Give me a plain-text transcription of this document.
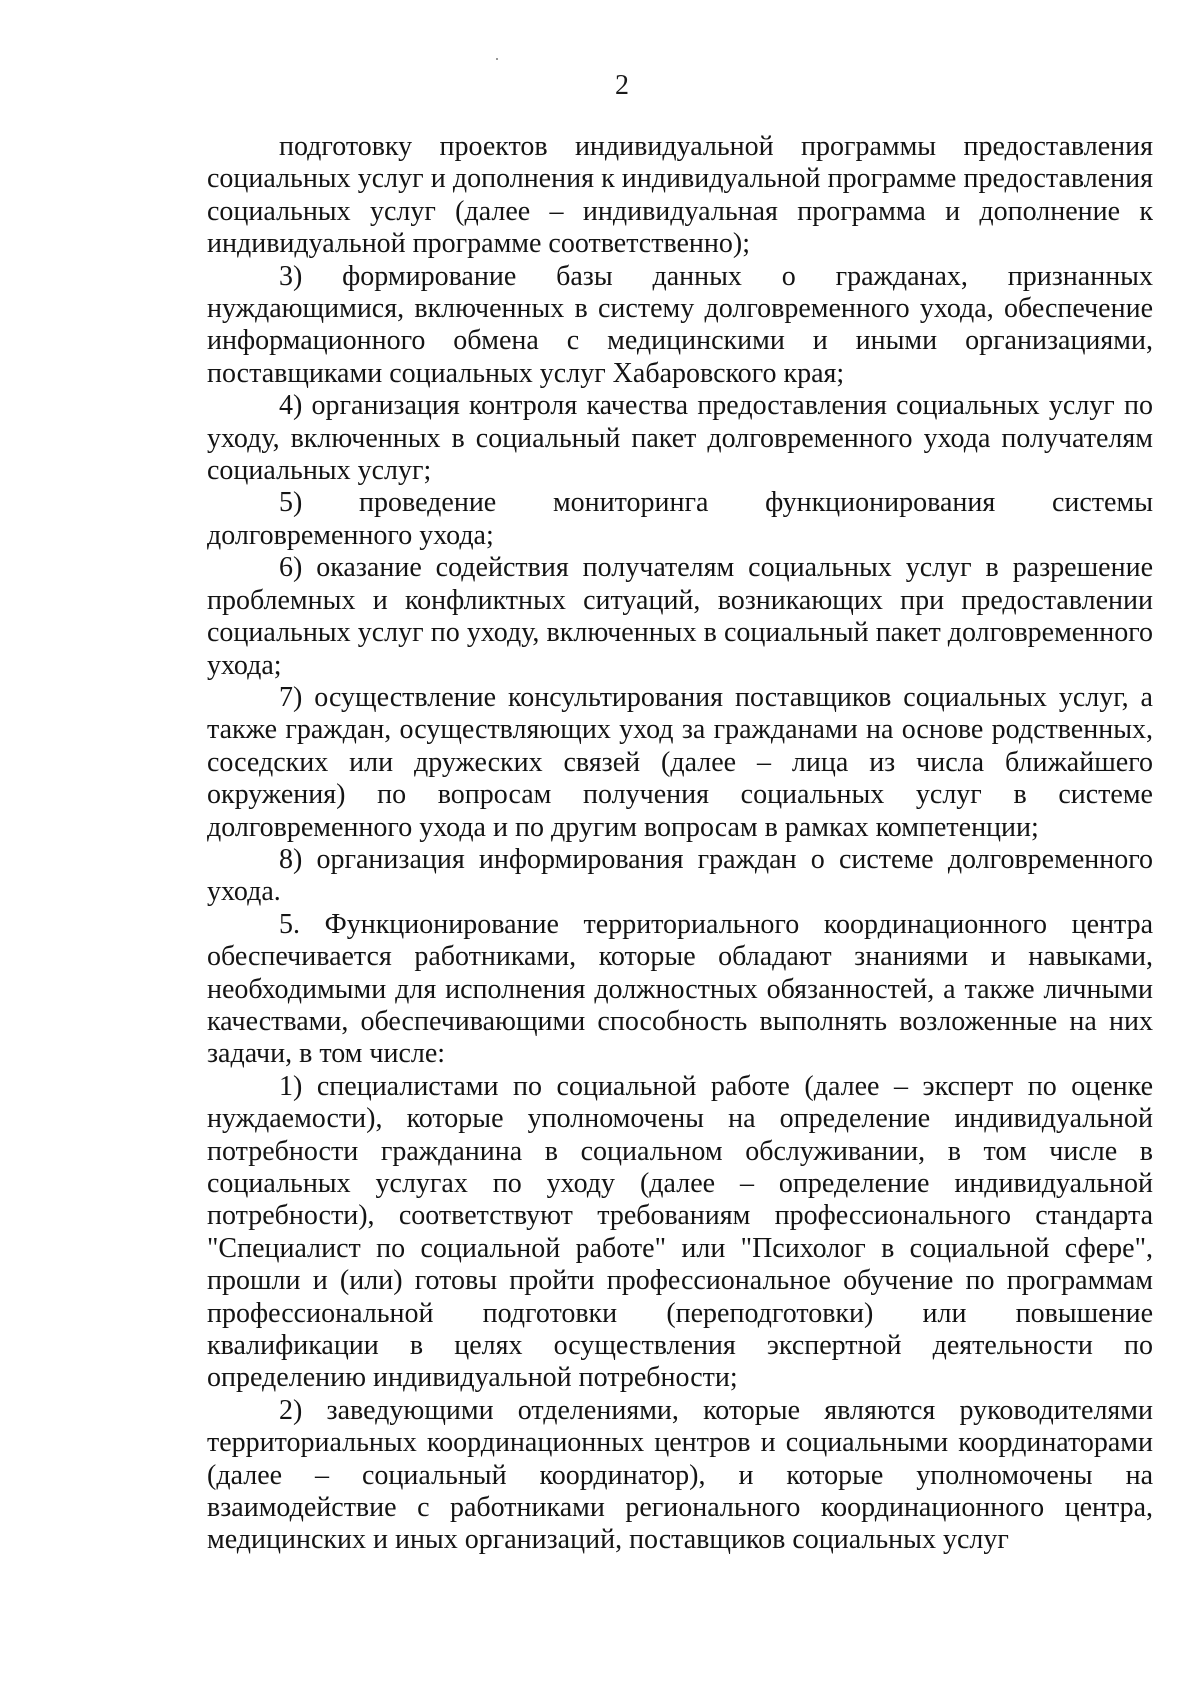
2

подготовку проектов индивидуальной программы предоставления социальных услуг и дополнения к индивидуальной программе предоставления социальных услуг (далее – индивидуальная программа и дополнение к индивидуальной программе соответственно);

3) формирование базы данных о гражданах, признанных нуждающимися, включенных в систему долговременного ухода, обеспечение информационного обмена с медицинскими и иными организациями, поставщиками социальных услуг Хабаровского края;

4) организация контроля качества предоставления социальных услуг по уходу, включенных в социальный пакет долговременного ухода получателям социальных услуг;

5) проведение мониторинга функционирования системы долговременного ухода;

6) оказание содействия получателям социальных услуг в разрешение проблемных и конфликтных ситуаций, возникающих при предоставлении социальных услуг по уходу, включенных в социальный пакет долговременного ухода;

7) осуществление консультирования поставщиков социальных услуг, а также граждан, осуществляющих уход за гражданами на основе родственных, соседских или дружеских связей (далее – лица из числа ближайшего окружения) по вопросам получения социальных услуг в системе долговременного ухода и по другим вопросам в рамках компетенции;

8) организация информирования граждан о системе долговременного ухода.

5. Функционирование территориального координационного центра обеспечивается работниками, которые обладают знаниями и навыками, необходимыми для исполнения должностных обязанностей, а также личными качествами, обеспечивающими способность выполнять возложенные на них задачи, в том числе:

1) специалистами по социальной работе (далее – эксперт по оценке нуждаемости), которые уполномочены на определение индивидуальной потребности гражданина в социальном обслуживании, в том числе в социальных услугах по уходу (далее – определение индивидуальной потребности), соответствуют требованиям профессионального стандарта "Специалист по социальной работе" или "Психолог в социальной сфере", прошли и (или) готовы пройти профессиональное обучение по программам профессиональной подготовки (переподготовки) или повышение квалификации в целях осуществления экспертной деятельности по определению индивидуальной потребности;

2) заведующими отделениями, которые являются руководителями территориальных координационных центров и социальными координаторами (далее – социальный координатор), и которые уполномочены на взаимодействие с работниками регионального координационного центра, медицинских и иных организаций, поставщиков социальных услуг
